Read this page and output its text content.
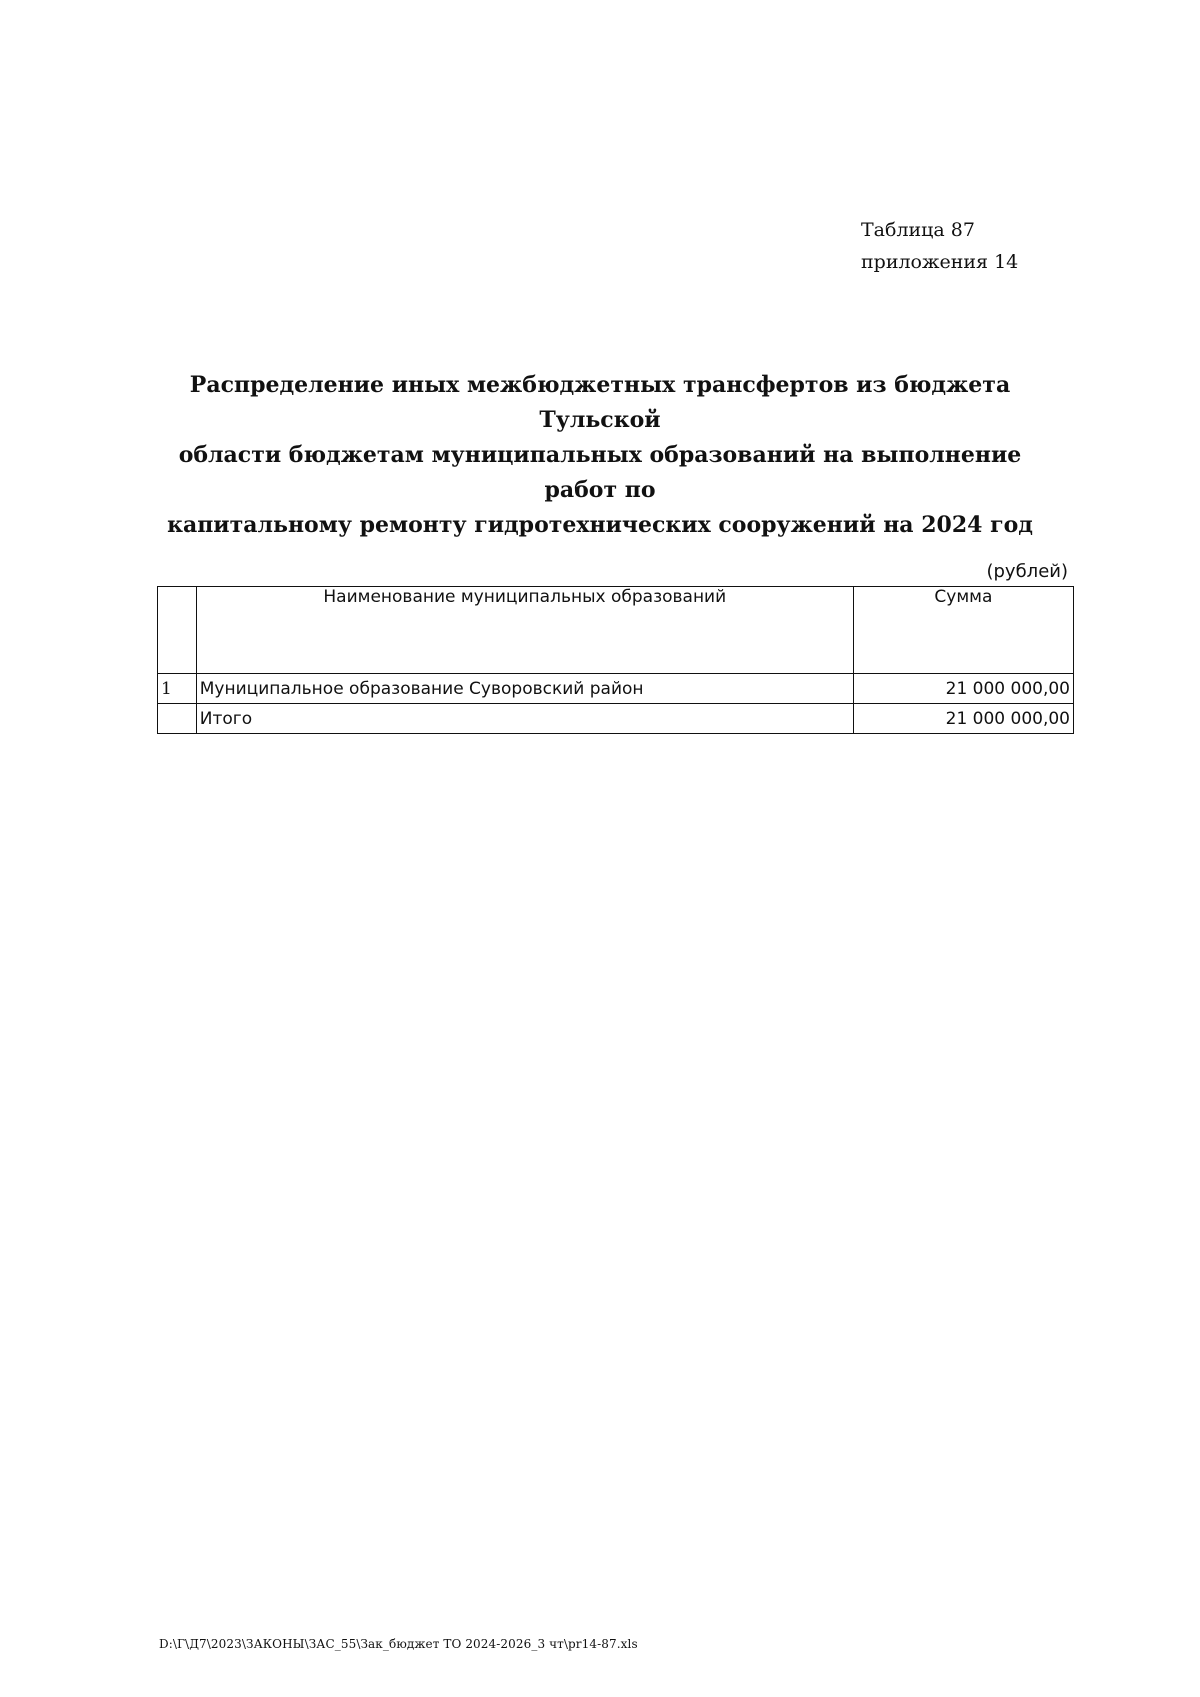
Таблица 87
приложения 14
Распределение иных межбюджетных трансфертов из бюджета Тульской
области бюджетам муниципальных образований на выполнение работ по
капитальному ремонту гидротехнических сооружений на 2024 год
(рублей)
	Наименование муниципальных образований	Сумма
1	Муниципальное образование Суворовский район	21 000 000,00
	Итого	21 000 000,00
D:\Г\Д7\2023\ЗАКОНЫ\ЗАС_55\Зак_бюджет ТО 2024-2026_3 чт\pr14-87.xls
